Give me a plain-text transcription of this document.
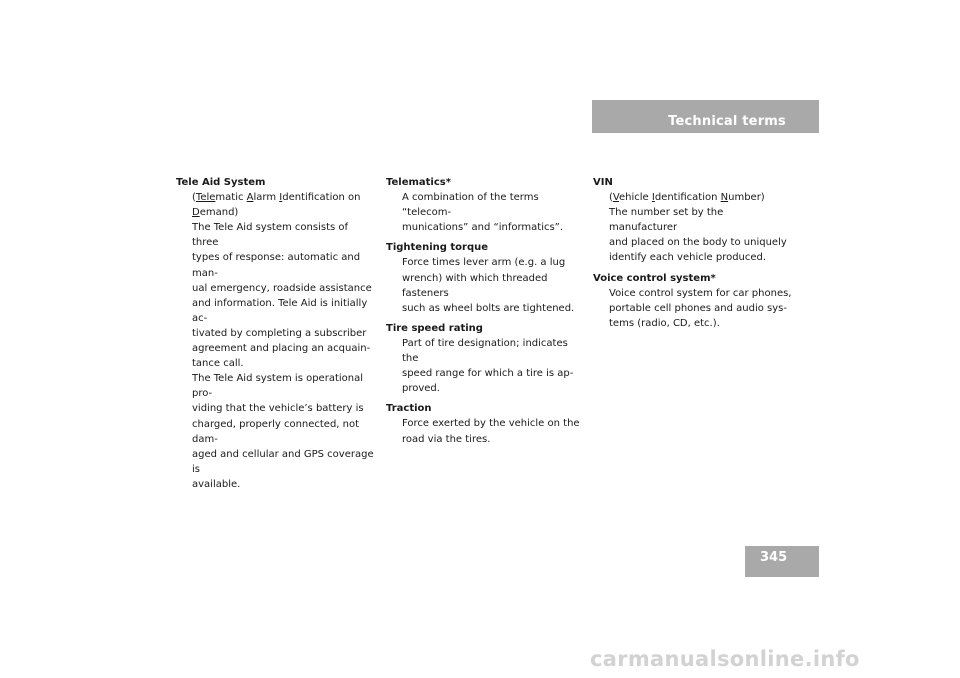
Technical terms
Tele Aid System
(Telematic Alarm Identification on
Demand)
The Tele Aid system consists of three
types of response: automatic and man-
ual emergency, roadside assistance
and information. Tele Aid is initially ac-
tivated by completing a subscriber
agreement and placing an acquain-
tance call.
The Tele Aid system is operational pro-
viding that the vehicle’s battery is
charged, properly connected, not dam-
aged and cellular and GPS coverage is
available.
Telematics*
A combination of the terms “telecom-
munications” and “informatics”.
Tightening torque
Force times lever arm (e.g. a lug
wrench) with which threaded fasteners
such as wheel bolts are tightened.
Tire speed rating
Part of tire designation; indicates the
speed range for which a tire is ap-
proved.
Traction
Force exerted by the vehicle on the
road via the tires.
VIN
(Vehicle Identification Number)
The number set by the manufacturer
and placed on the body to uniquely
identify each vehicle produced.
Voice control system*
Voice control system for car phones,
portable cell phones and audio sys-
tems (radio, CD, etc.).
345
carmanualsonline.info
